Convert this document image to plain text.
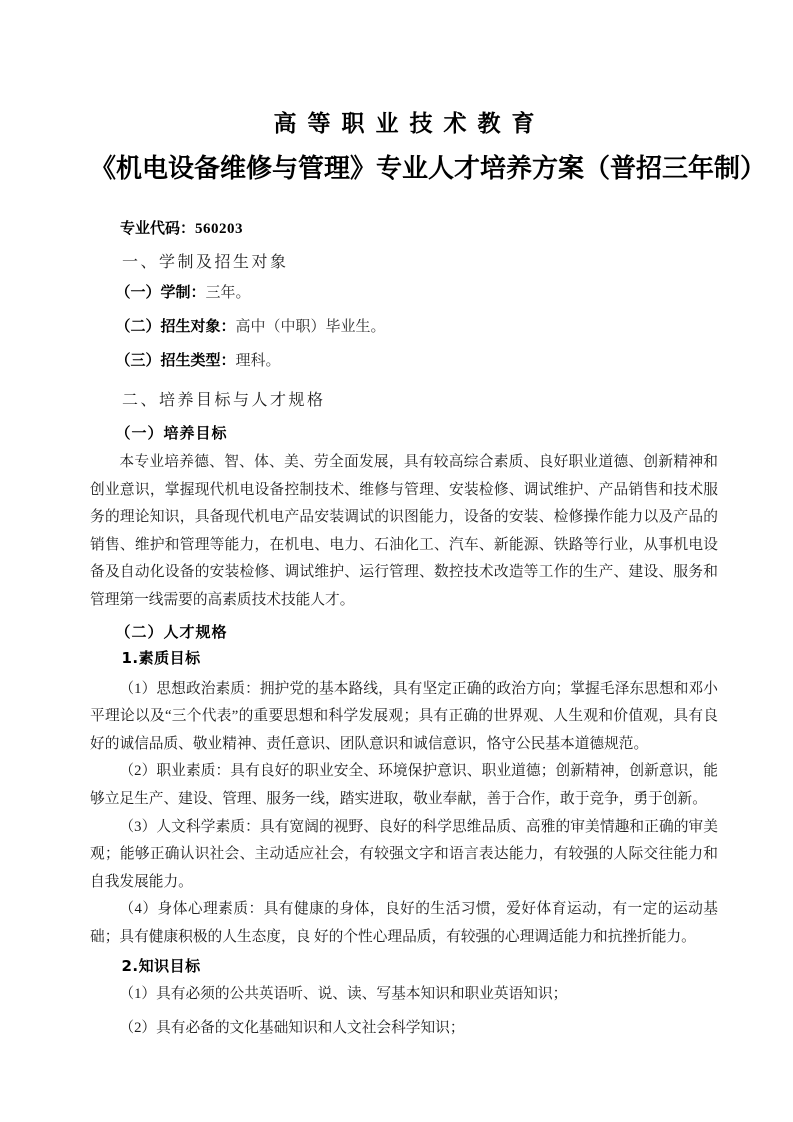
高等职业技术教育
《机电设备维修与管理》专业人才培养方案（普招三年制）

专业代码：560203

一、学制及招生对象

（一）学制：三年。

（二）招生对象：高中（中职）毕业生。

（三）招生类型：理科。

二、培养目标与人才规格
（一）培养目标

本专业培养德、智、体、美、劳全面发展，具有较高综合素质、良好职业道德、创新精神和创业意识，掌握现代机电设备控制技术、维修与管理、安装检修、调试维护、产品销售和技术服务的理论知识，具备现代机电产品安装调试的识图能力，设备的安装、检修操作能力以及产品的销售、维护和管理等能力，在机电、电力、石油化工、汽车、新能源、铁路等行业，从事机电设备及自动化设备的安装检修、调试维护、运行管理、数控技术改造等工作的生产、建设、服务和管理第一线需要的高素质技术技能人才。

（二）人才规格
1.素质目标

（1）思想政治素质：拥护党的基本路线，具有坚定正确的政治方向；掌握毛泽东思想和邓小平理论以及“三个代表”的重要思想和科学发展观；具有正确的世界观、人生观和价值观，具有良好的诚信品质、敬业精神、责任意识、团队意识和诚信意识，恪守公民基本道德规范。

（2）职业素质：具有良好的职业安全、环境保护意识、职业道德；创新精神，创新意识，能够立足生产、建设、管理、服务一线，踏实进取，敬业奉献，善于合作，敢于竞争，勇于创新。

（3）人文科学素质：具有宽阔的视野、良好的科学思维品质、高雅的审美情趣和正确的审美观；能够正确认识社会、主动适应社会，有较强文字和语言表达能力，有较强的人际交往能力和自我发展能力。

（4）身体心理素质：具有健康的身体，良好的生活习惯，爱好体育运动，有一定的运动基础；具有健康积极的人生态度，良 好的个性心理品质，有较强的心理调适能力和抗挫折能力。

2.知识目标

（1）具有必须的公共英语听、说、读、写基本知识和职业英语知识；

（2）具有必备的文化基础知识和人文社会科学知识；
